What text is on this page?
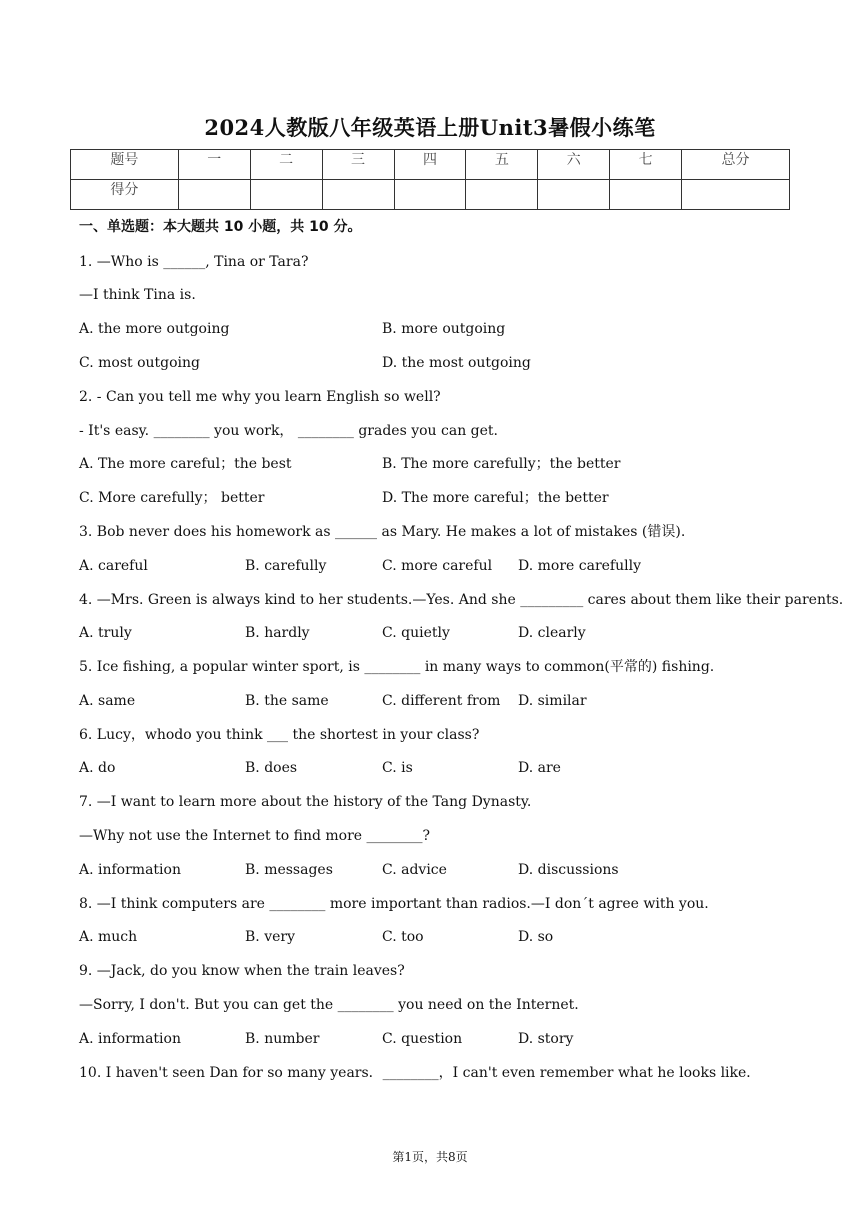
2024人教版八年级英语上册Unit3暑假小练笔
题号	一	二	三	四	五	六	七	总分
得分								
一、单选题：本大题共 10 小题，共 10 分。
1. —Who is ______, Tina or Tara?
—I think Tina is.
A. the more outgoing	B. more outgoing
C. most outgoing	D. the most outgoing
2. - Can you tell me why you learn English so well?
- It's easy. ________ you work， ________ grades you can get.
A. The more careful；the best	B. The more carefully；the better
C. More carefully； better	D. The more careful；the better
3. Bob never does his homework as ______ as Mary. He makes a lot of mistakes (错误).
A. careful	B. carefully	C. more careful D. more carefully
4. —Mrs. Green is always kind to her students.—Yes. And she _________ cares about them like their parents.
A. truly	B. hardly	C. quietly	D. clearly
5. Ice fishing, a popular winter sport, is ________ in many ways to common(平常的) fishing.
A. same	B. the same	C. different from D. similar
6. Lucy，whodo you think ___ the shortest in your class?
A. do	B. does	C. is	D. are
7. —I want to learn more about the history of the Tang Dynasty.
—Why not use the Internet to find more ________?
A. information	B. messages	C. advice	D. discussions
8. —I think computers are ________ more important than radios.—I don´t agree with you.
A. much	B. very	C. too	D. so
9. —Jack, do you know when the train leaves?
—Sorry, I don't. But you can get the ________ you need on the Internet.
A. information	B. number	C. question	D. story
10. I haven't seen Dan for so many years．________，I can't even remember what he looks like．
第1页，共8页
